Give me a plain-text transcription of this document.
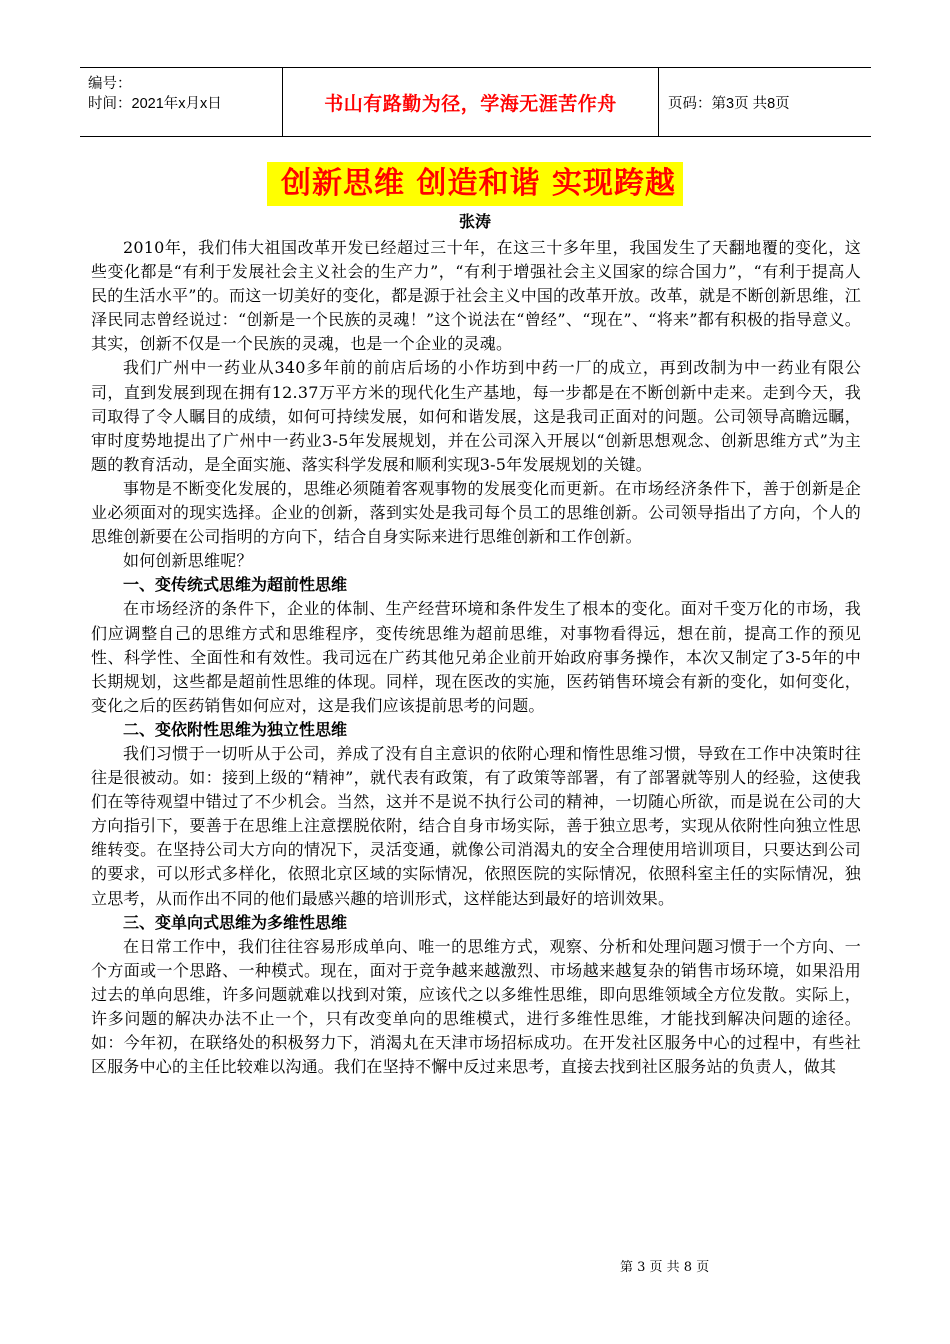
编号：
时间：2021年x月x日	书山有路勤为径，学海无涯苦作舟	页码：第3页 共8页
创新思维 创造和谐 实现跨越
张涛

2010年，我们伟大祖国改革开发已经超过三十年，在这三十多年里，我国发生了天翻地覆的变化，这些变化都是“有利于发展社会主义社会的生产力”，“有利于增强社会主义国家的综合国力”，“有利于提高人民的生活水平”的。而这一切美好的变化，都是源于社会主义中国的改革开放。改革，就是不断创新思维，江泽民同志曾经说过：“创新是一个民族的灵魂！”这个说法在“曾经”、“现在”、“将来”都有积极的指导意义。其实，创新不仅是一个民族的灵魂，也是一个企业的灵魂。

我们广州中一药业从340多年前的前店后场的小作坊到中药一厂的成立，再到改制为中一药业有限公司，直到发展到现在拥有12.37万平方米的现代化生产基地，每一步都是在不断创新中走来。走到今天，我司取得了令人瞩目的成绩，如何可持续发展，如何和谐发展，这是我司正面对的问题。公司领导高瞻远瞩，审时度势地提出了广州中一药业3-5年发展规划，并在公司深入开展以“创新思想观念、创新思维方式”为主题的教育活动，是全面实施、落实科学发展和顺利实现3-5年发展规划的关键。

事物是不断变化发展的，思维必须随着客观事物的发展变化而更新。在市场经济条件下，善于创新是企业必须面对的现实选择。企业的创新，落到实处是我司每个员工的思维创新。公司领导指出了方向，个人的思维创新要在公司指明的方向下，结合自身实际来进行思维创新和工作创新。

如何创新思维呢？

一、变传统式思维为超前性思维

在市场经济的条件下，企业的体制、生产经营环境和条件发生了根本的变化。面对千变万化的市场，我们应调整自己的思维方式和思维程序，变传统思维为超前思维，对事物看得远，想在前，提高工作的预见性、科学性、全面性和有效性。我司远在广药其他兄弟企业前开始政府事务操作，本次又制定了3-5年的中长期规划，这些都是超前性思维的体现。同样，现在医改的实施，医药销售环境会有新的变化，如何变化，变化之后的医药销售如何应对，这是我们应该提前思考的问题。

二、变依附性思维为独立性思维

我们习惯于一切听从于公司，养成了没有自主意识的依附心理和惰性思维习惯，导致在工作中决策时往往是很被动。如：接到上级的“精神”，就代表有政策，有了政策等部署，有了部署就等别人的经验，这使我们在等待观望中错过了不少机会。当然，这并不是说不执行公司的精神，一切随心所欲，而是说在公司的大方向指引下，要善于在思维上注意摆脱依附，结合自身市场实际，善于独立思考，实现从依附性向独立性思维转变。在坚持公司大方向的情况下，灵活变通，就像公司消渴丸的安全合理使用培训项目，只要达到公司的要求，可以形式多样化，依照北京区域的实际情况，依照医院的实际情况，依照科室主任的实际情况，独立思考，从而作出不同的他们最感兴趣的培训形式，这样能达到最好的培训效果。

三、变单向式思维为多维性思维

在日常工作中，我们往往容易形成单向、唯一的思维方式，观察、分析和处理问题习惯于一个方向、一个方面或一个思路、一种模式。现在，面对于竞争越来越激烈、市场越来越复杂的销售市场环境，如果沿用过去的单向思维，许多问题就难以找到对策，应该代之以多维性思维，即向思维领域全方位发散。实际上，许多问题的解决办法不止一个，只有改变单向的思维模式，进行多维性思维，才能找到解决问题的途径。如：今年初，在联络处的积极努力下，消渴丸在天津市场招标成功。在开发社区服务中心的过程中，有些社区服务中心的主任比较难以沟通。我们在坚持不懈中反过来思考，直接去找到社区服务站的负责人，做其

第 3 页 共 8 页
